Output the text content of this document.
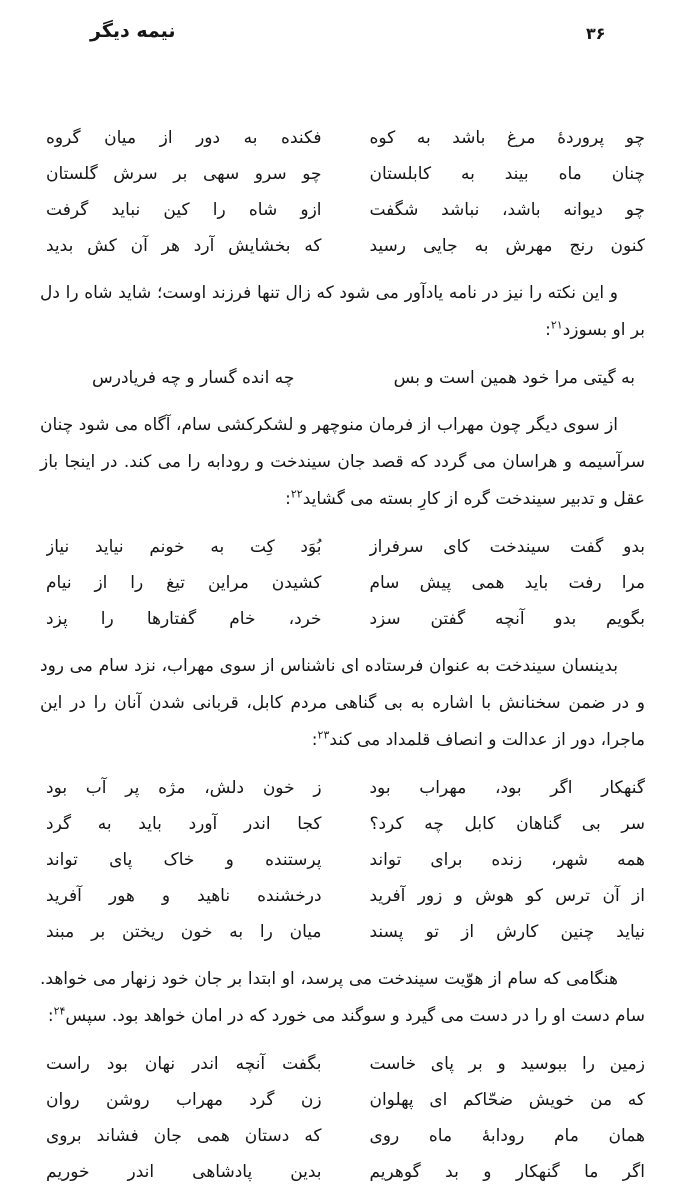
نیمه دیگر	۳۶
چو پروردهٔ مرغ باشد به کوه
فکنده به دور از میان گروه
چنان ماه بیند به کابلستان
چو سرو سهی بر سرش گلستان
چو دیوانه باشد، نباشد شگفت
ازو شاه را کین نباید گرفت
کنون رنج مهرش به جایی رسید
که بخشایش آرد هر آن کش بدید

و این نکته را نیز در نامه یادآور می شود که زال تنها فرزند اوست؛ شاید شاه را دل بر او بسوزد$^{۲۱}$:

به گیتی مرا خود همین است و بس
چه انده گسار و چه فریادرس

از سوی دیگر چون مهراب از فرمان منوچهر و لشکرکشی سام، آگاه می شود چنان سرآسیمه و هراسان می گردد که قصد جان سیندخت و رودابه را می کند. در اینجا باز عقل و تدبیر سیندخت گره از کارِ بسته می گشاید$^{۲۲}$:

بدو گفت سیندخت کای سرفراز
بُوَد کِت به خونم نیاید نیاز
مرا رفت باید همی پیش سام
کشیدن مراین تیغ را از نیام
بگویم بدو آنچه گفتن سزد
خرد، خام گفتارها را پزد

بدینسان سیندخت به عنوان فرستاده ای ناشناس از سوی مهراب، نزد سام می رود و در ضمن سخنانش با اشاره به بی گناهی مردم کابل، قربانی شدن آنان را در این ماجرا، دور از عدالت و انصاف قلمداد می کند$^{۲۳}$:

گنهکار اگر بود، مهراب بود
ز خون دلش، مژه پر آب بود
سر بی گناهان کابل چه کرد؟
کجا اندر آورد باید به گرد
همه شهر، زنده برای تواند
پرستنده و خاک پای تواند
از آن ترس کو هوش و زور آفرید
درخشنده ناهید و هور آفرید
نیاید چنین کارش از تو پسند
میان را به خون ریختن بر مبند

هنگامی که سام از هوّیت سیندخت می پرسد، او ابتدا بر جان خود زنهار می خواهد. سام دست او را در دست می گیرد و سوگند می خورد که در امان خواهد بود. سپس$^{۲۴}$:

زمین را ببوسید و بر پای خاست
بگفت آنچه اندر نهان بود راست
که من خویش ضحّاکم ای پهلوان
زن گرد مهراب روشن روان
همان مام رودابهٔ ماه روی
که دستان همی جان فشاند بروی
اگر ما گنهکار و بد گوهریم
بدین پادشاهی اندر خوریم
